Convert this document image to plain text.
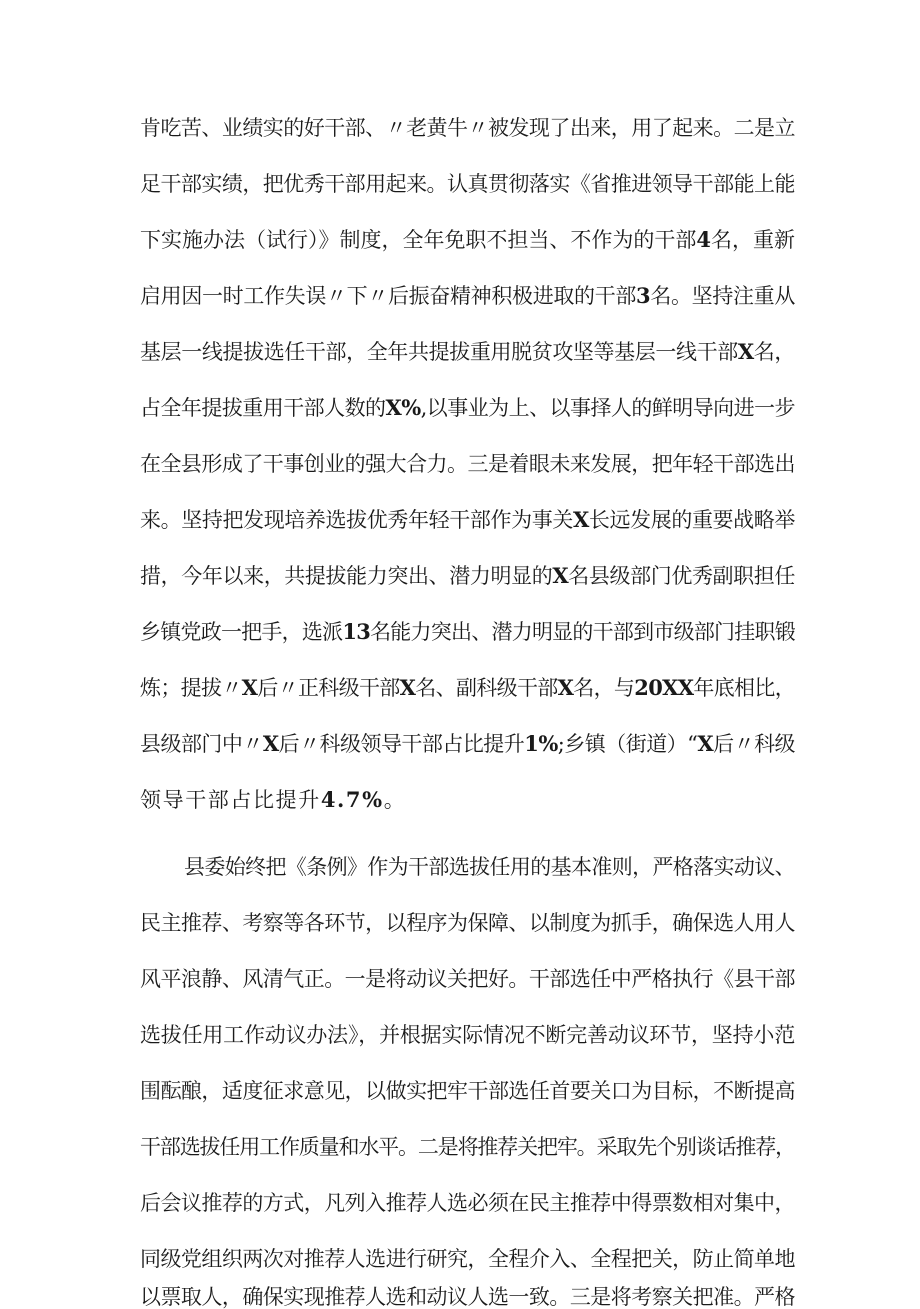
肯吃苦、业绩实的好干部、〃老黄牛〃被发现了出来，用了起来。二是立
足干部实绩，把优秀干部用起来。认真贯彻落实《省推进领导干部能上能
下实施办法（试行）》制度，全年免职不担当、不作为的干部4名，重新
启用因一时工作失误〃下〃后振奋精神积极进取的干部3名。坚持注重从
基层一线提拔选任干部，全年共提拔重用脱贫攻坚等基层一线干部X名，
占全年提拔重用干部人数的X%,以事业为上、以事择人的鲜明导向进一步
在全县形成了干事创业的强大合力。三是着眼未来发展，把年轻干部选出
来。坚持把发现培养选拔优秀年轻干部作为事关X长远发展的重要战略举
措，今年以来，共提拔能力突出、潜力明显的X名县级部门优秀副职担任
乡镇党政一把手，选派13名能力突出、潜力明显的干部到市级部门挂职锻
炼；提拔〃X后〃正科级干部X名、副科级干部X名，与20XX年底相比，
县级部门中〃X后〃科级领导干部占比提升1%;乡镇（街道）“X后〃科级
领导干部占比提升4.7%。
县委始终把《条例》作为干部选拔任用的基本准则，严格落实动议、
民主推荐、考察等各环节，以程序为保障、以制度为抓手，确保选人用人
风平浪静、风清气正。一是将动议关把好。干部选任中严格执行《县干部
选拔任用工作动议办法》，并根据实际情况不断完善动议环节，坚持小范
围酝酿，适度征求意见，以做实把牢干部选任首要关口为目标，不断提高
干部选拔任用工作质量和水平。二是将推荐关把牢。采取先个别谈话推荐，
后会议推荐的方式，凡列入推荐人选必须在民主推荐中得票数相对集中，
同级党组织两次对推荐人选进行研究，全程介入、全程把关，防止简单地
以票取人，确保实现推荐人选和动议人选一致。三是将考察关把准。严格
